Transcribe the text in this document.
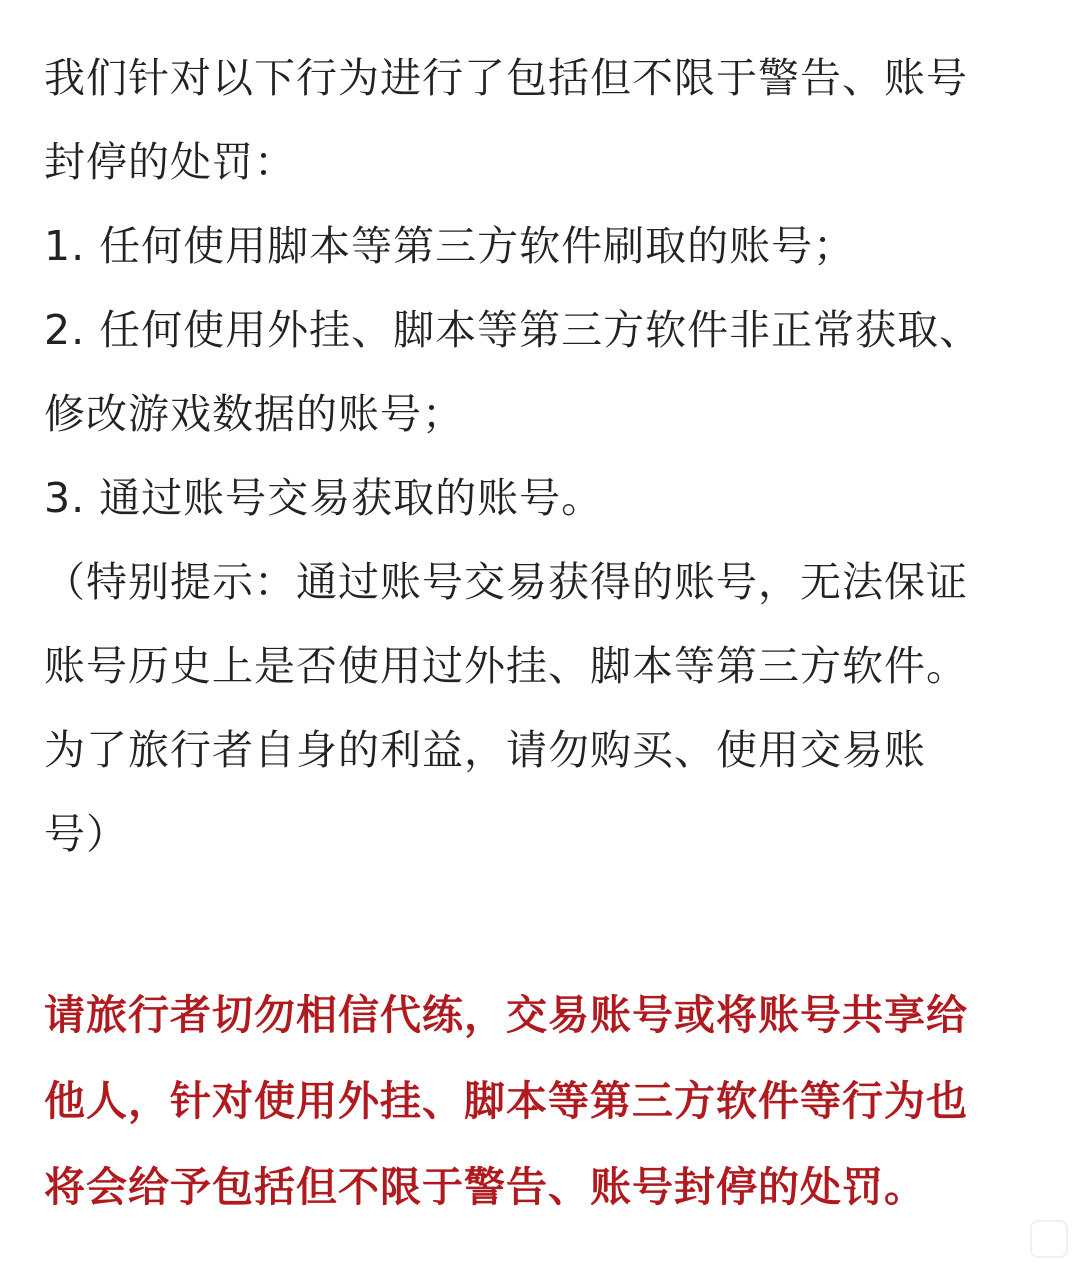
我们针对以下行为进行了包括但不限于警告、账号
封停的处罚：
1. 任何使用脚本等第三方软件刷取的账号；
2. 任何使用外挂、脚本等第三方软件非正常获取、
修改游戏数据的账号；
3. 通过账号交易获取的账号。
（特别提示：通过账号交易获得的账号，无法保证
账号历史上是否使用过外挂、脚本等第三方软件。
为了旅行者自身的利益，请勿购买、使用交易账
号）
请旅行者切勿相信代练，交易账号或将账号共享给
他人，针对使用外挂、脚本等第三方软件等行为也
将会给予包括但不限于警告、账号封停的处罚。
